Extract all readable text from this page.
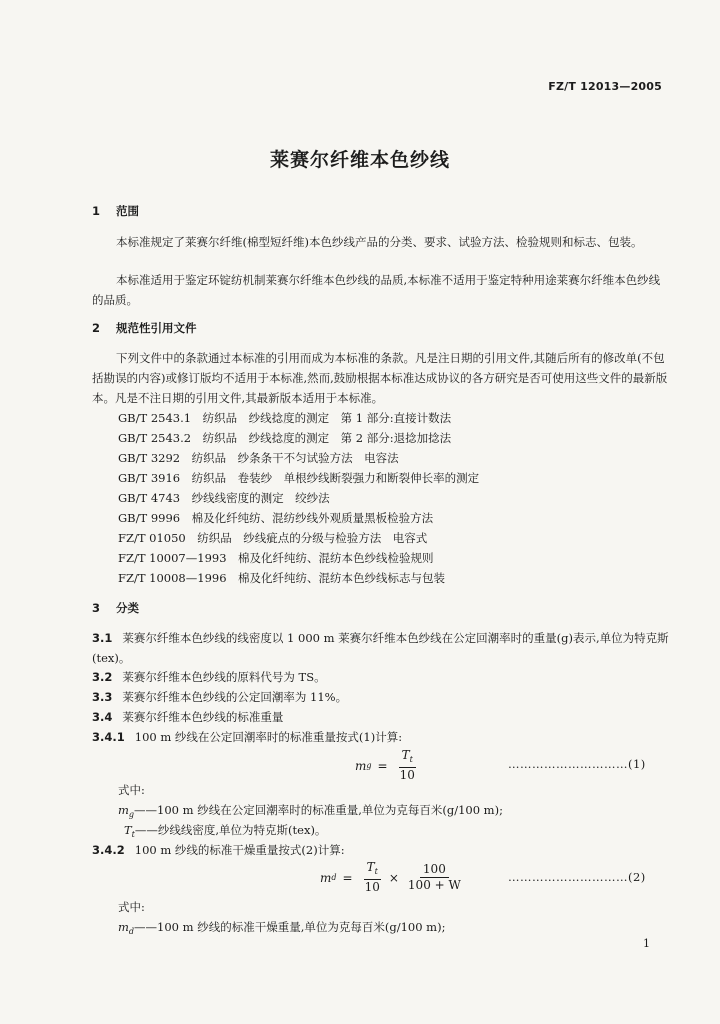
FZ/T 12013—2005
莱赛尔纤维本色纱线
1 范围

本标准规定了莱赛尔纤维(棉型短纤维)本色纱线产品的分类、要求、试验方法、检验规则和标志、包装。

本标准适用于鉴定环锭纺机制莱赛尔纤维本色纱线的品质,本标准不适用于鉴定特种用途莱赛尔纤维本色纱线的品质。

2 规范性引用文件

下列文件中的条款通过本标准的引用而成为本标准的条款。凡是注日期的引用文件,其随后所有的修改单(不包括勘误的内容)或修订版均不适用于本标准,然而,鼓励根据本标准达成协议的各方研究是否可使用这些文件的最新版本。凡是不注日期的引用文件,其最新版本适用于本标准。

GB/T 2543.1　纺织品　纱线捻度的测定　第 1 部分:直接计数法
GB/T 2543.2　纺织品　纱线捻度的测定　第 2 部分:退捻加捻法
GB/T 3292　纺织品　纱条条干不匀试验方法　电容法
GB/T 3916　纺织品　卷装纱　单根纱线断裂强力和断裂伸长率的测定
GB/T 4743　纱线线密度的测定　绞纱法
GB/T 9996　棉及化纤纯纺、混纺纱线外观质量黑板检验方法
FZ/T 01050　纺织品　纱线疵点的分级与检验方法　电容式
FZ/T 10007—1993　棉及化纤纯纺、混纺本色纱线检验规则
FZ/T 10008—1996　棉及化纤纯纺、混纺本色纱线标志与包装
3 分类

3.1 莱赛尔纤维本色纱线的线密度以 1 000 m 莱赛尔纤维本色纱线在公定回潮率时的重量(g)表示,单位为特克斯(tex)。

3.2 莱赛尔纤维本色纱线的原料代号为 TS。

3.3 莱赛尔纤维本色纱线的公定回潮率为 11%。

3.4 莱赛尔纤维本色纱线的标准重量

3.4.1 100 m 纱线在公定回潮率时的标准重量按式(1)计算:

m $g = \frac{T_t}{10}$	…………………………(1)
式中:
$m_g——100$ m 纱线在公定回潮率时的标准重量,单位为克每百米(g/100 m);
$T_t——$纱线线密度,单位为特克斯(tex)。

3.4.2 100 m 纱线的标准干燥重量按式(2)计算:

m $d = \frac{T_t}{10} \times \frac{100}{100 + W}$	…………………………(2)
式中:
$m_d——100$ m 纱线的标准干燥重量,单位为克每百米(g/100 m);
1
